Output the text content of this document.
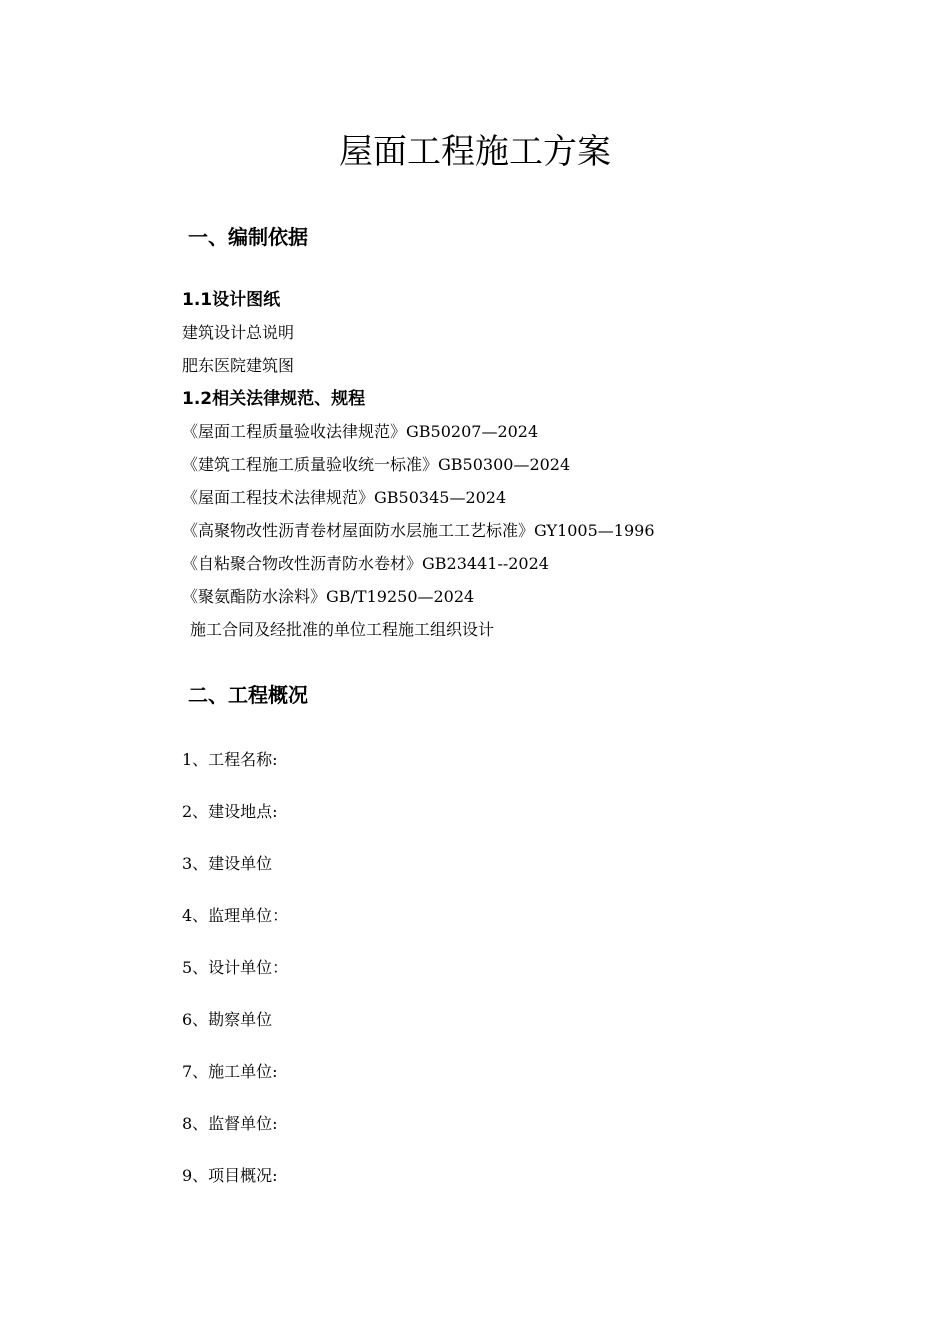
屋面工程施工方案
一、编制依据
1.1设计图纸

建筑设计总说明

肥东医院建筑图

1.2相关法律规范、规程

《屋面工程质量验收法律规范》GB50207—2024

《建筑工程施工质量验收统一标准》GB50300—2024

《屋面工程技术法律规范》GB50345—2024

《高聚物改性沥青卷材屋面防水层施工工艺标准》GY1005—1996

《自粘聚合物改性沥青防水卷材》GB23441--2024

《聚氨酯防水涂料》GB/T19250—2024

施工合同及经批准的单位工程施工组织设计

二、工程概况

1、工程名称:

2、建设地点:

3、建设单位

4、监理单位：

5、设计单位：

6、勘察单位

7、施工单位:

8、监督单位:

9、项目概况:
